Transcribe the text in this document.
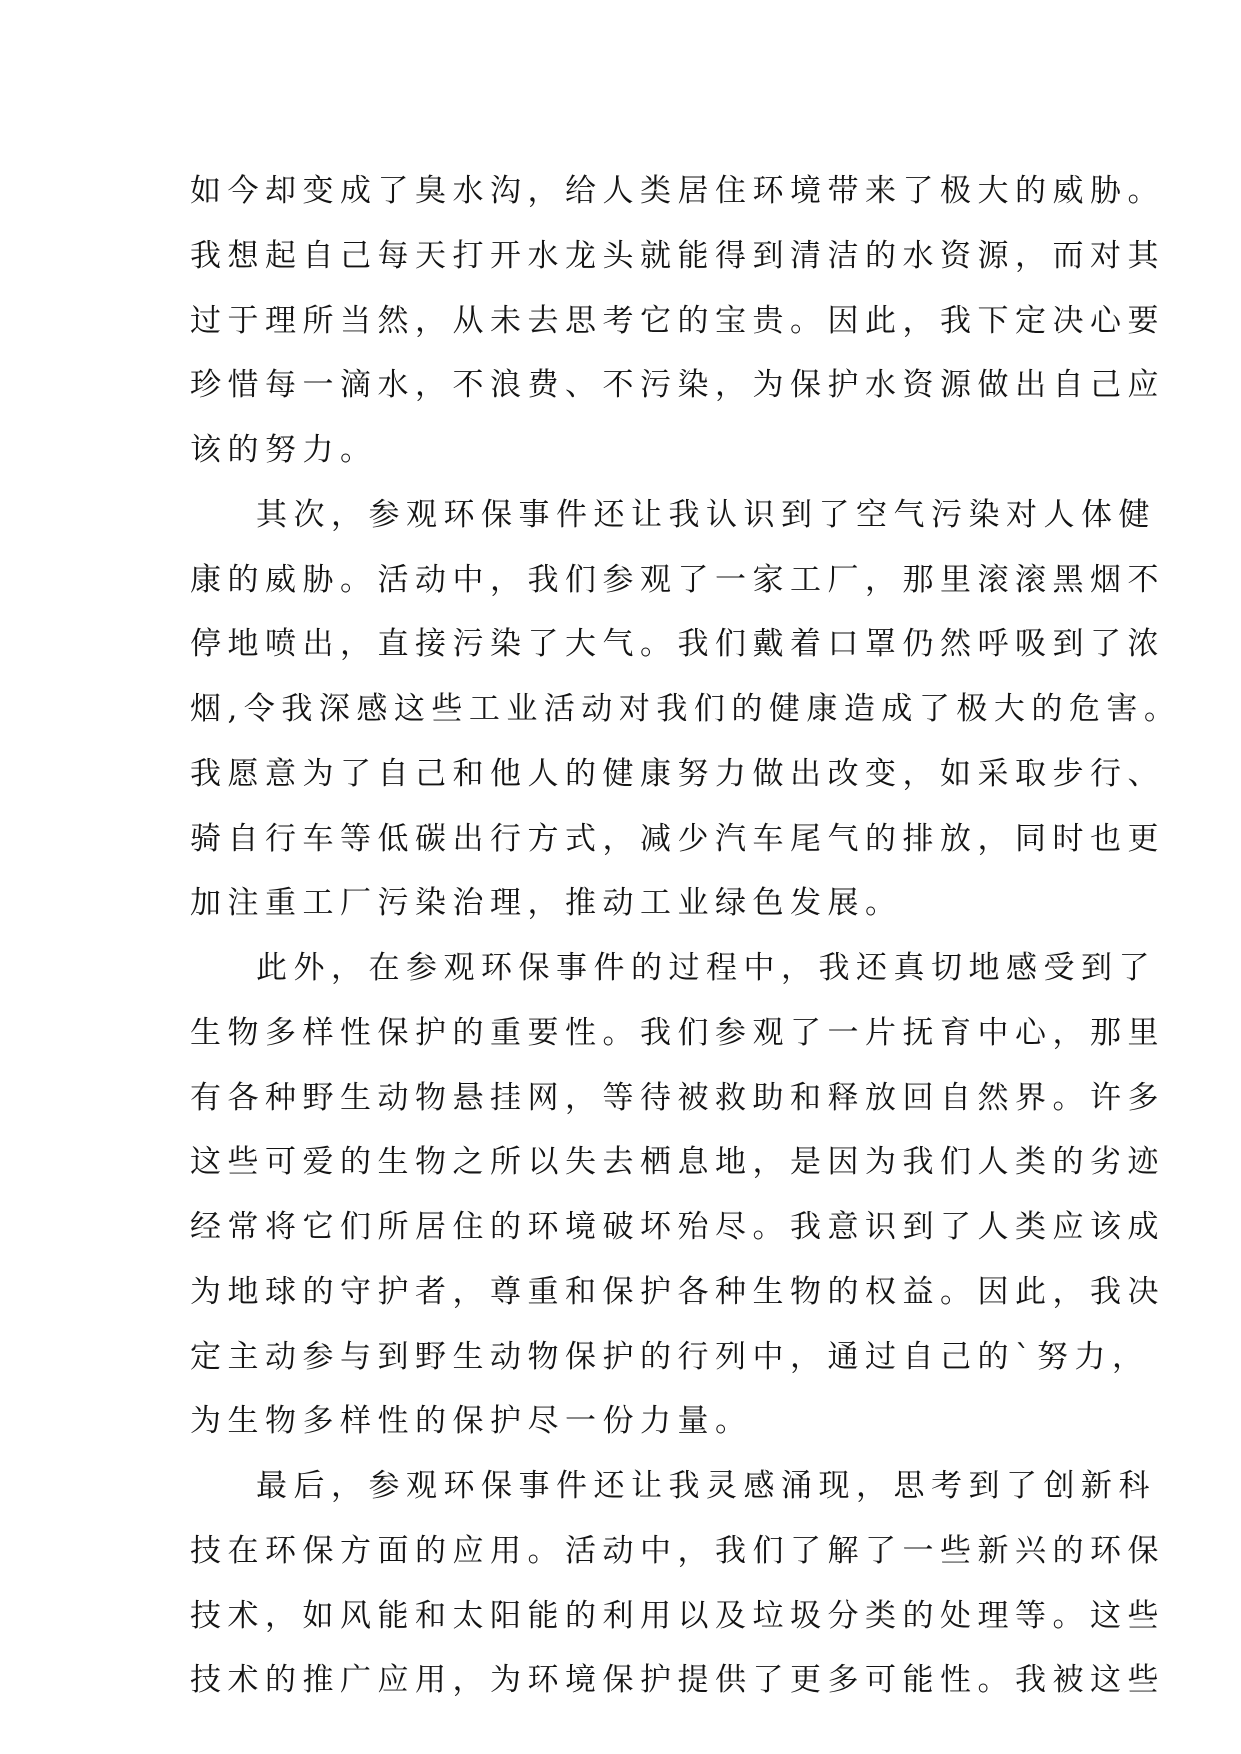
如今却变成了臭水沟，给人类居住环境带来了极大的威胁。
我想起自己每天打开水龙头就能得到清洁的水资源，而对其
过于理所当然，从未去思考它的宝贵。因此，我下定决心要
珍惜每一滴水，不浪费、不污染，为保护水资源做出自己应
该的努力。
其次，参观环保事件还让我认识到了空气污染对人体健
康的威胁。活动中，我们参观了一家工厂，那里滚滚黑烟不
停地喷出，直接污染了大气。我们戴着口罩仍然呼吸到了浓
烟,令我深感这些工业活动对我们的健康造成了极大的危害。
我愿意为了自己和他人的健康努力做出改变，如采取步行、
骑自行车等低碳出行方式，减少汽车尾气的排放，同时也更
加注重工厂污染治理，推动工业绿色发展。
此外，在参观环保事件的过程中，我还真切地感受到了
生物多样性保护的重要性。我们参观了一片抚育中心，那里
有各种野生动物悬挂网，等待被救助和释放回自然界。许多
这些可爱的生物之所以失去栖息地，是因为我们人类的劣迹
经常将它们所居住的环境破坏殆尽。我意识到了人类应该成
为地球的守护者，尊重和保护各种生物的权益。因此，我决
定主动参与到野生动物保护的行列中，通过自己的`努力，
为生物多样性的保护尽一份力量。
最后，参观环保事件还让我灵感涌现，思考到了创新科
技在环保方面的应用。活动中，我们了解了一些新兴的环保
技术，如风能和太阳能的利用以及垃圾分类的处理等。这些
技术的推广应用，为环境保护提供了更多可能性。我被这些
